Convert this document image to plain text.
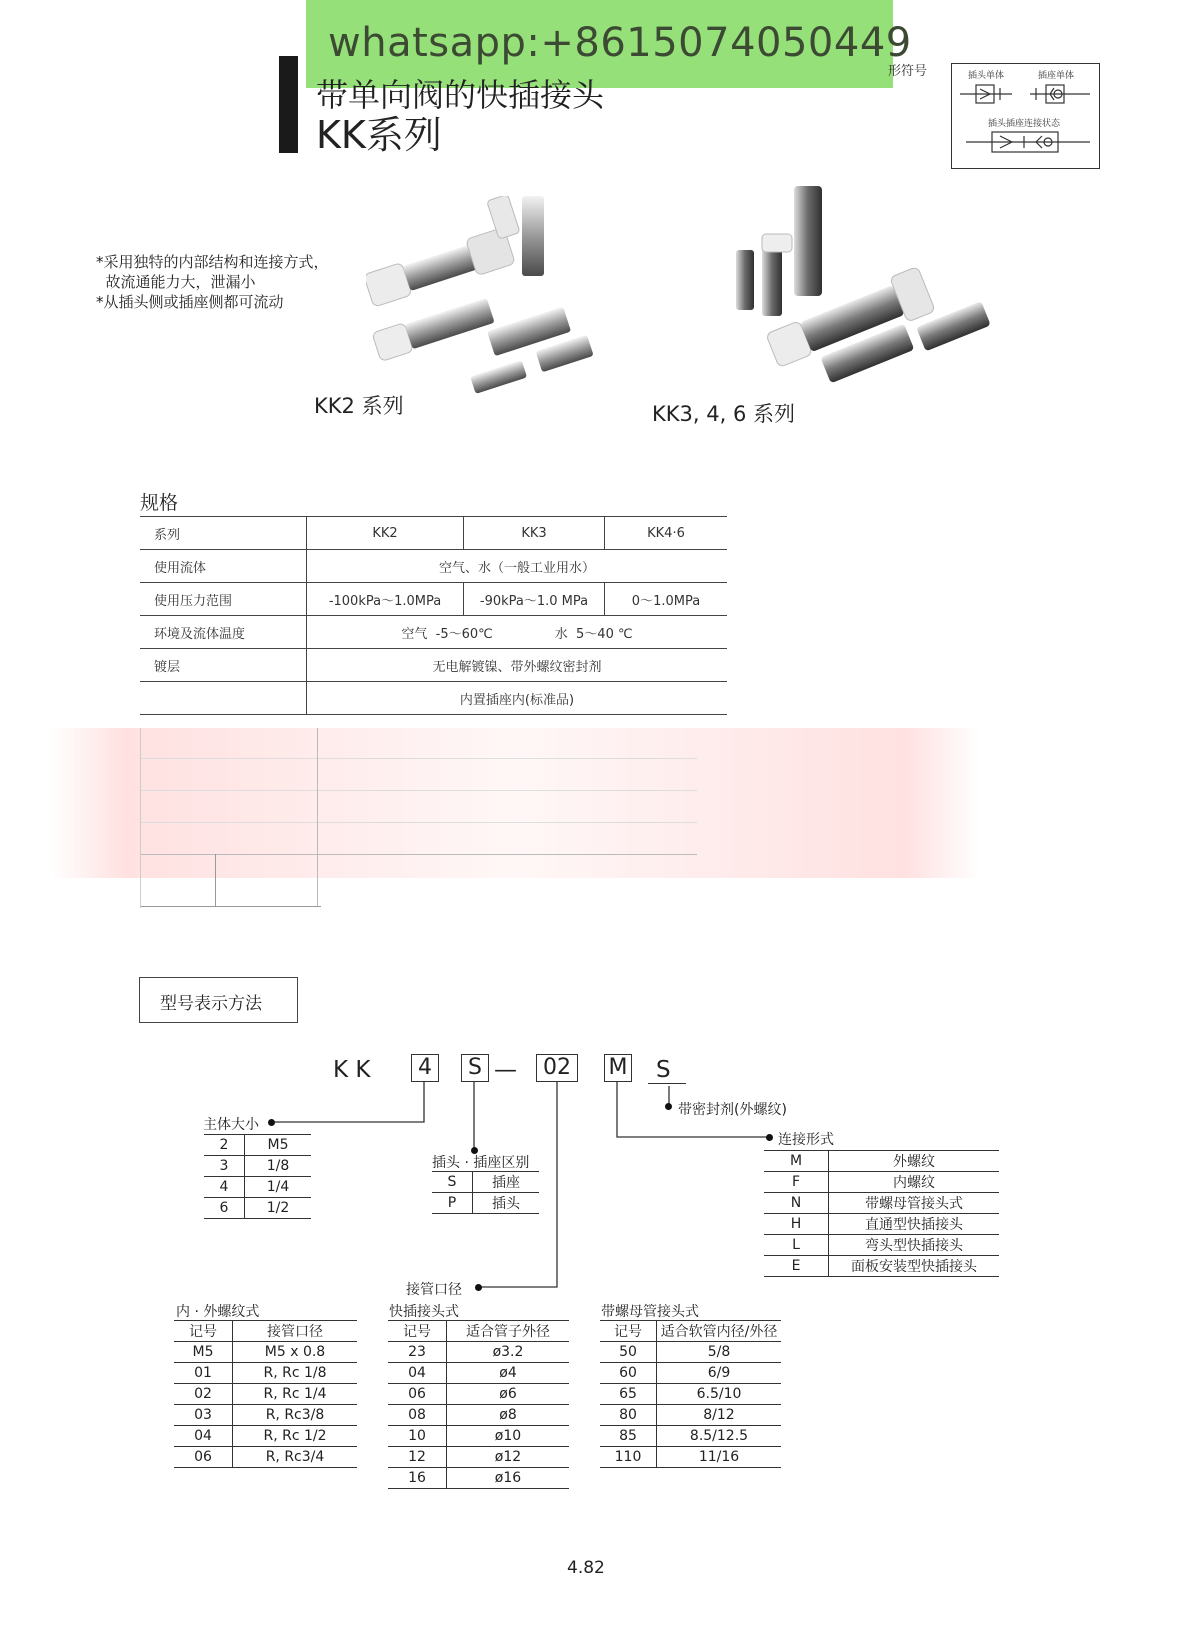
whatsapp:+8615074050449
带单向阀的快插接头
KK系列
形符号	插头单体	插座单体
插头插座连接状态
*采用独特的内部结构和连接方式，
故流通能力大，泄漏小
*从插头侧或插座侧都可流动
KK2 系列	KK3, 4, 6 系列
规格
系列	KK2	KK3	KK4·6
使用流体	空气、水（一般工业用水）		
使用压力范围	-100kPa～1.0MPa	-90kPa～1.0 MPa	0～1.0MPa
环境及流体温度	空气  -5～60℃               水  5～40 ℃		
镀层	无电解镀镍、带外螺纹密封剂		
	内置插座内(标准品)		
型号表示方法
K K	4	S —	02	M S
带密封剂(外螺纹)
连接形式
M	外螺纹
F	内螺纹
N	带螺母管接头式
H	直通型快插接头
L	弯头型快插接头
E	面板安装型快插接头
主体大小
2	M5
3	1/8
4	1/4
6	1/2
插头 · 插座区别
S	插座
P	插头
接管口径
内 · 外螺纹式
记号	接管口径
M5	M5 x 0.8
01	R, Rc 1/8
02	R, Rc 1/4
03	R, Rc3/8
04	R, Rc 1/2
06	R, Rc3/4
快插接头式
记号	适合管子外径
23	ø3.2
04	ø4
06	ø6
08	ø8
10	ø10
12	ø12
16	ø16
带螺母管接头式
记号	适合软管内径/外径
50	5/8
60	6/9
65	6.5/10
80	8/12
85	8.5/12.5
110	11/16
4.82
